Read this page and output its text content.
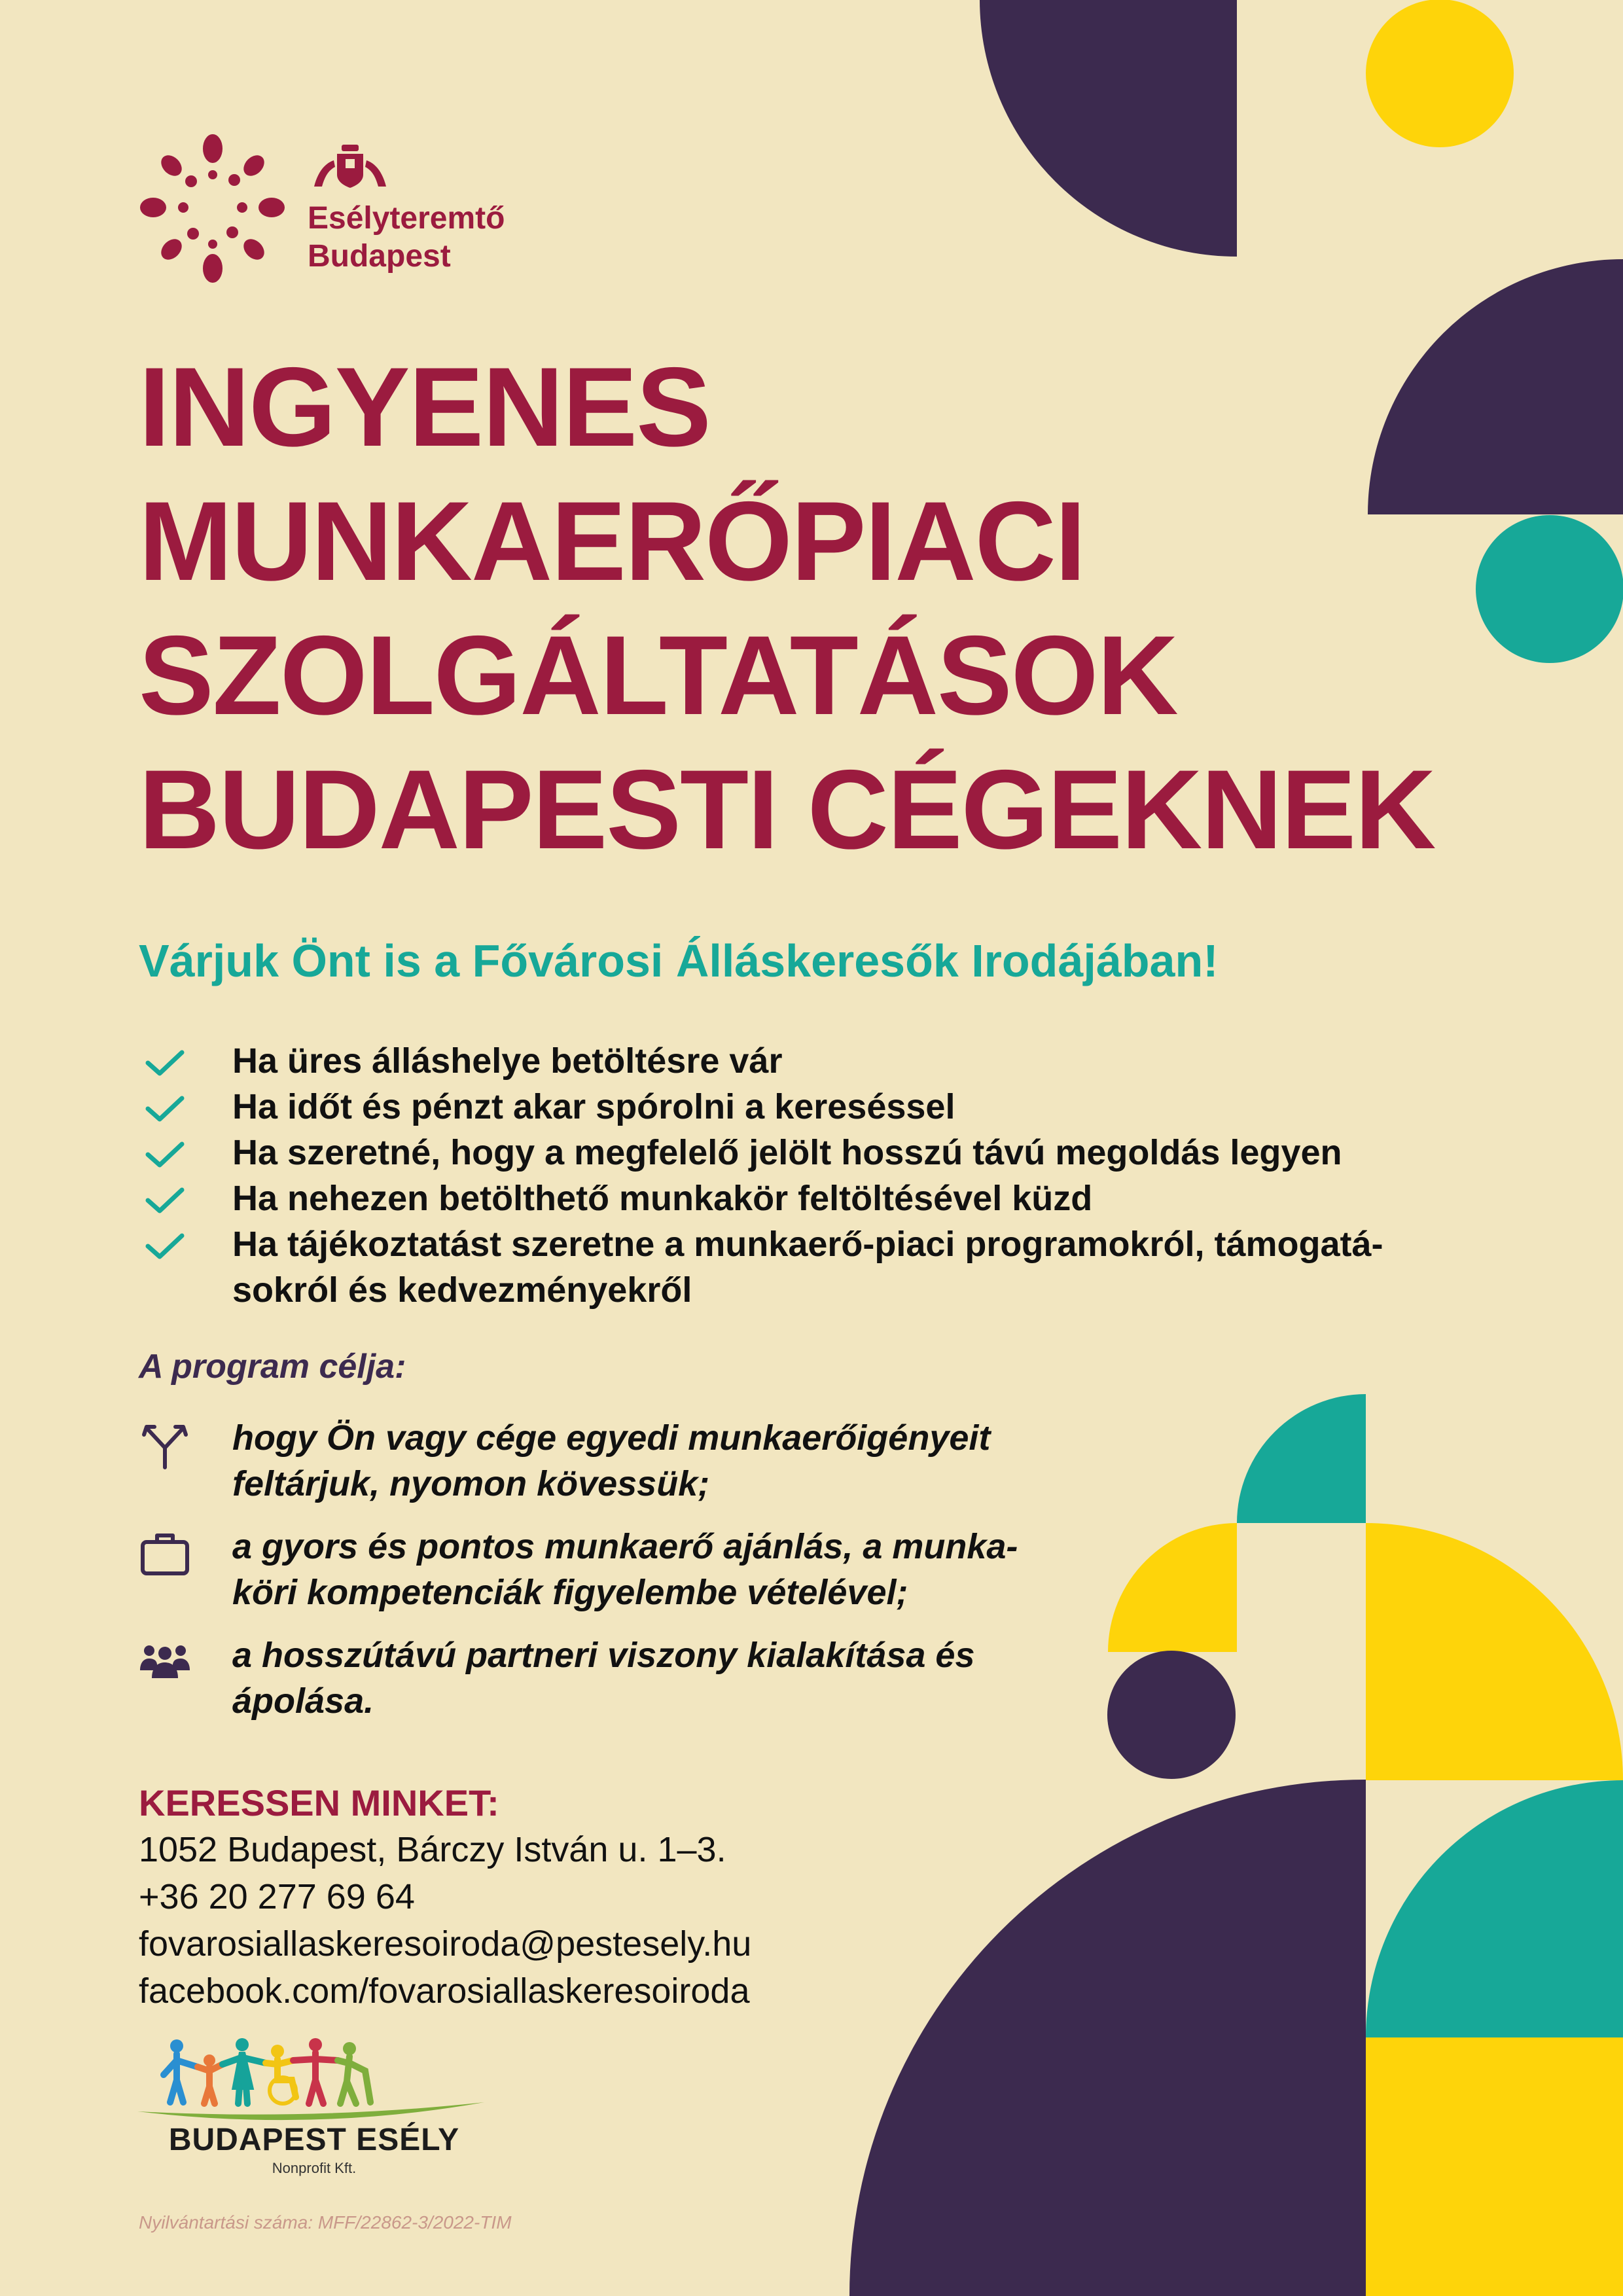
Esélyteremtő
Budapest
INGYENES
MUNKAERŐPIACI
SZOLGÁLTATÁSOK
BUDAPESTI CÉGEKNEK
Várjuk Önt is a Fővárosi Álláskeresők Irodájában!
Ha üres álláshelye betöltésre vár
Ha időt és pénzt akar spórolni a kereséssel
Ha szeretné, hogy a megfelelő jelölt hosszú távú megoldás legyen
Ha nehezen betölthető munkakör feltöltésével küzd
Ha tájékoztatást szeretne a munkaerő-piaci programokról, támogatá-sokról és kedvezményekről
A program célja:
hogy Ön vagy cége egyedi munkaerőigényeit feltárjuk, nyomon kövessük;
a gyors és pontos munkaerő ajánlás, a munka-köri kompetenciák figyelembe vételével;
a hosszútávú partneri viszony kialakítása és ápolása.
KERESSEN MINKET:
1052 Budapest, Bárczy István u. 1–3.
+36 20 277 69 64
fovarosiallaskeresoiroda@pestesely.hu
facebook.com/fovarosiallaskeresoiroda
BUDAPEST ESÉLY
Nonprofit Kft.
Nyilvántartási száma: MFF/22862-3/2022-TIM
